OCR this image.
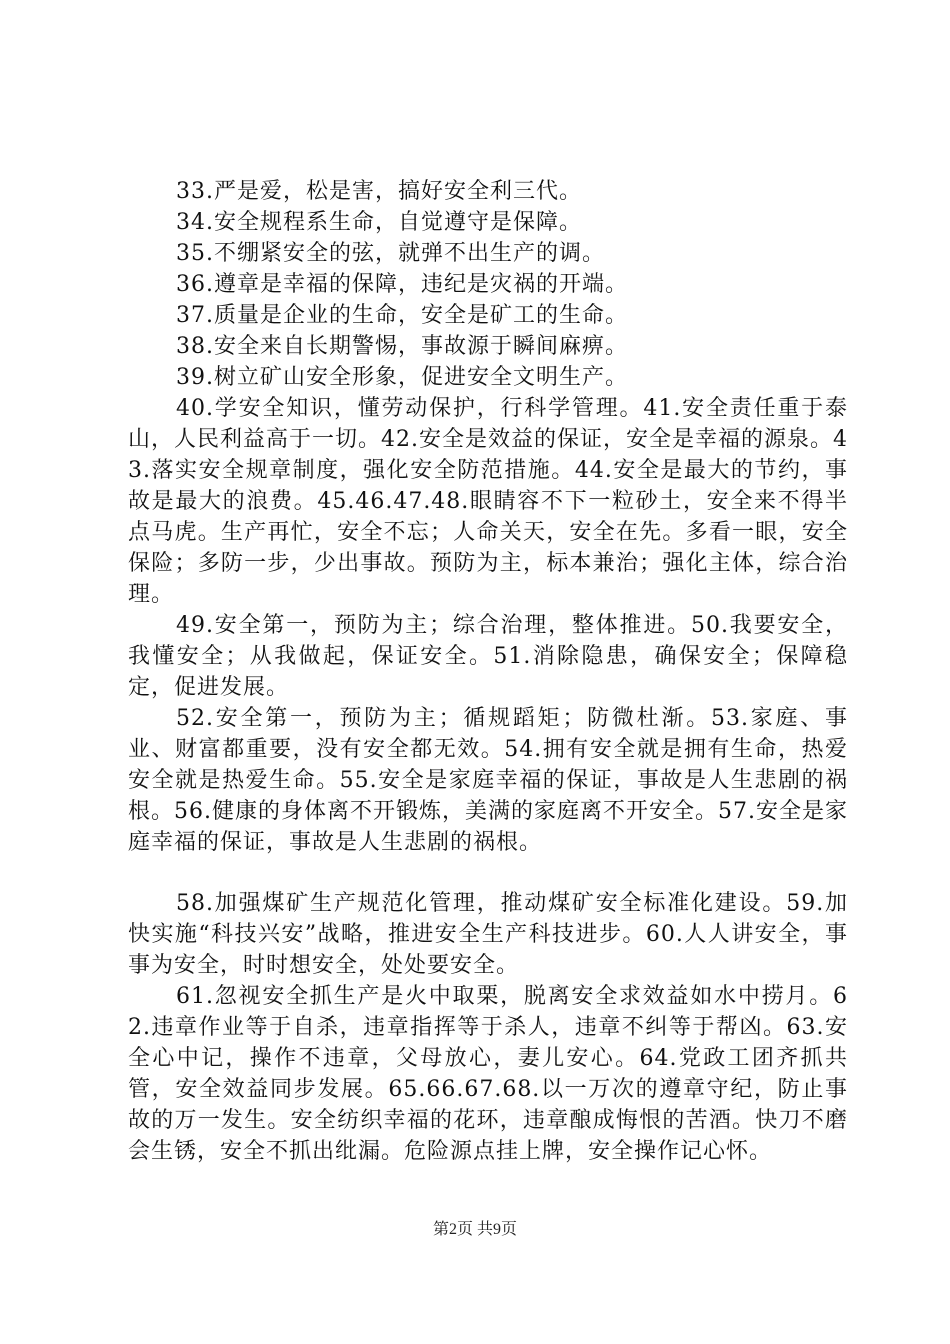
33.严是爱，松是害，搞好安全利三代。
34.安全规程系生命，自觉遵守是保障。
35.不绷紧安全的弦，就弹不出生产的调。
36.遵章是幸福的保障，违纪是灾祸的开端。
37.质量是企业的生命，安全是矿工的生命。
38.安全来自长期警惕，事故源于瞬间麻痹。
39.树立矿山安全形象，促进安全文明生产。

40.学安全知识，懂劳动保护，行科学管理。41.安全责任重于泰山，人民利益高于一切。42.安全是效益的保证，安全是幸福的源泉。43.落实安全规章制度，强化安全防范措施。44.安全是最大的节约，事故是最大的浪费。45.46.47.48.眼睛容不下一粒砂土，安全来不得半点马虎。生产再忙，安全不忘；人命关天，安全在先。多看一眼，安全保险；多防一步，少出事故。预防为主，标本兼治；强化主体，综合治理。

49.安全第一，预防为主；综合治理，整体推进。50.我要安全，我懂安全；从我做起，保证安全。51.消除隐患，确保安全；保障稳定，促进发展。

52.安全第一，预防为主；循规蹈矩；防微杜渐。53.家庭、事业、财富都重要，没有安全都无效。54.拥有安全就是拥有生命，热爱安全就是热爱生命。55.安全是家庭幸福的保证，事故是人生悲剧的祸根。56.健康的身体离不开锻炼，美满的家庭离不开安全。57.安全是家庭幸福的保证，事故是人生悲剧的祸根。

58.加强煤矿生产规范化管理，推动煤矿安全标准化建设。59.加快实施“科技兴安”战略，推进安全生产科技进步。60.人人讲安全，事事为安全，时时想安全，处处要安全。

61.忽视安全抓生产是火中取栗，脱离安全求效益如水中捞月。62.违章作业等于自杀，违章指挥等于杀人，违章不纠等于帮凶。63.安全心中记，操作不违章，父母放心，妻儿安心。64.党政工团齐抓共管，安全效益同步发展。65.66.67.68.以一万次的遵章守纪，防止事故的万一发生。安全纺织幸福的花环，违章酿成悔恨的苦酒。快刀不磨会生锈，安全不抓出纰漏。危险源点挂上牌，安全操作记心怀。

第2页 共9页
